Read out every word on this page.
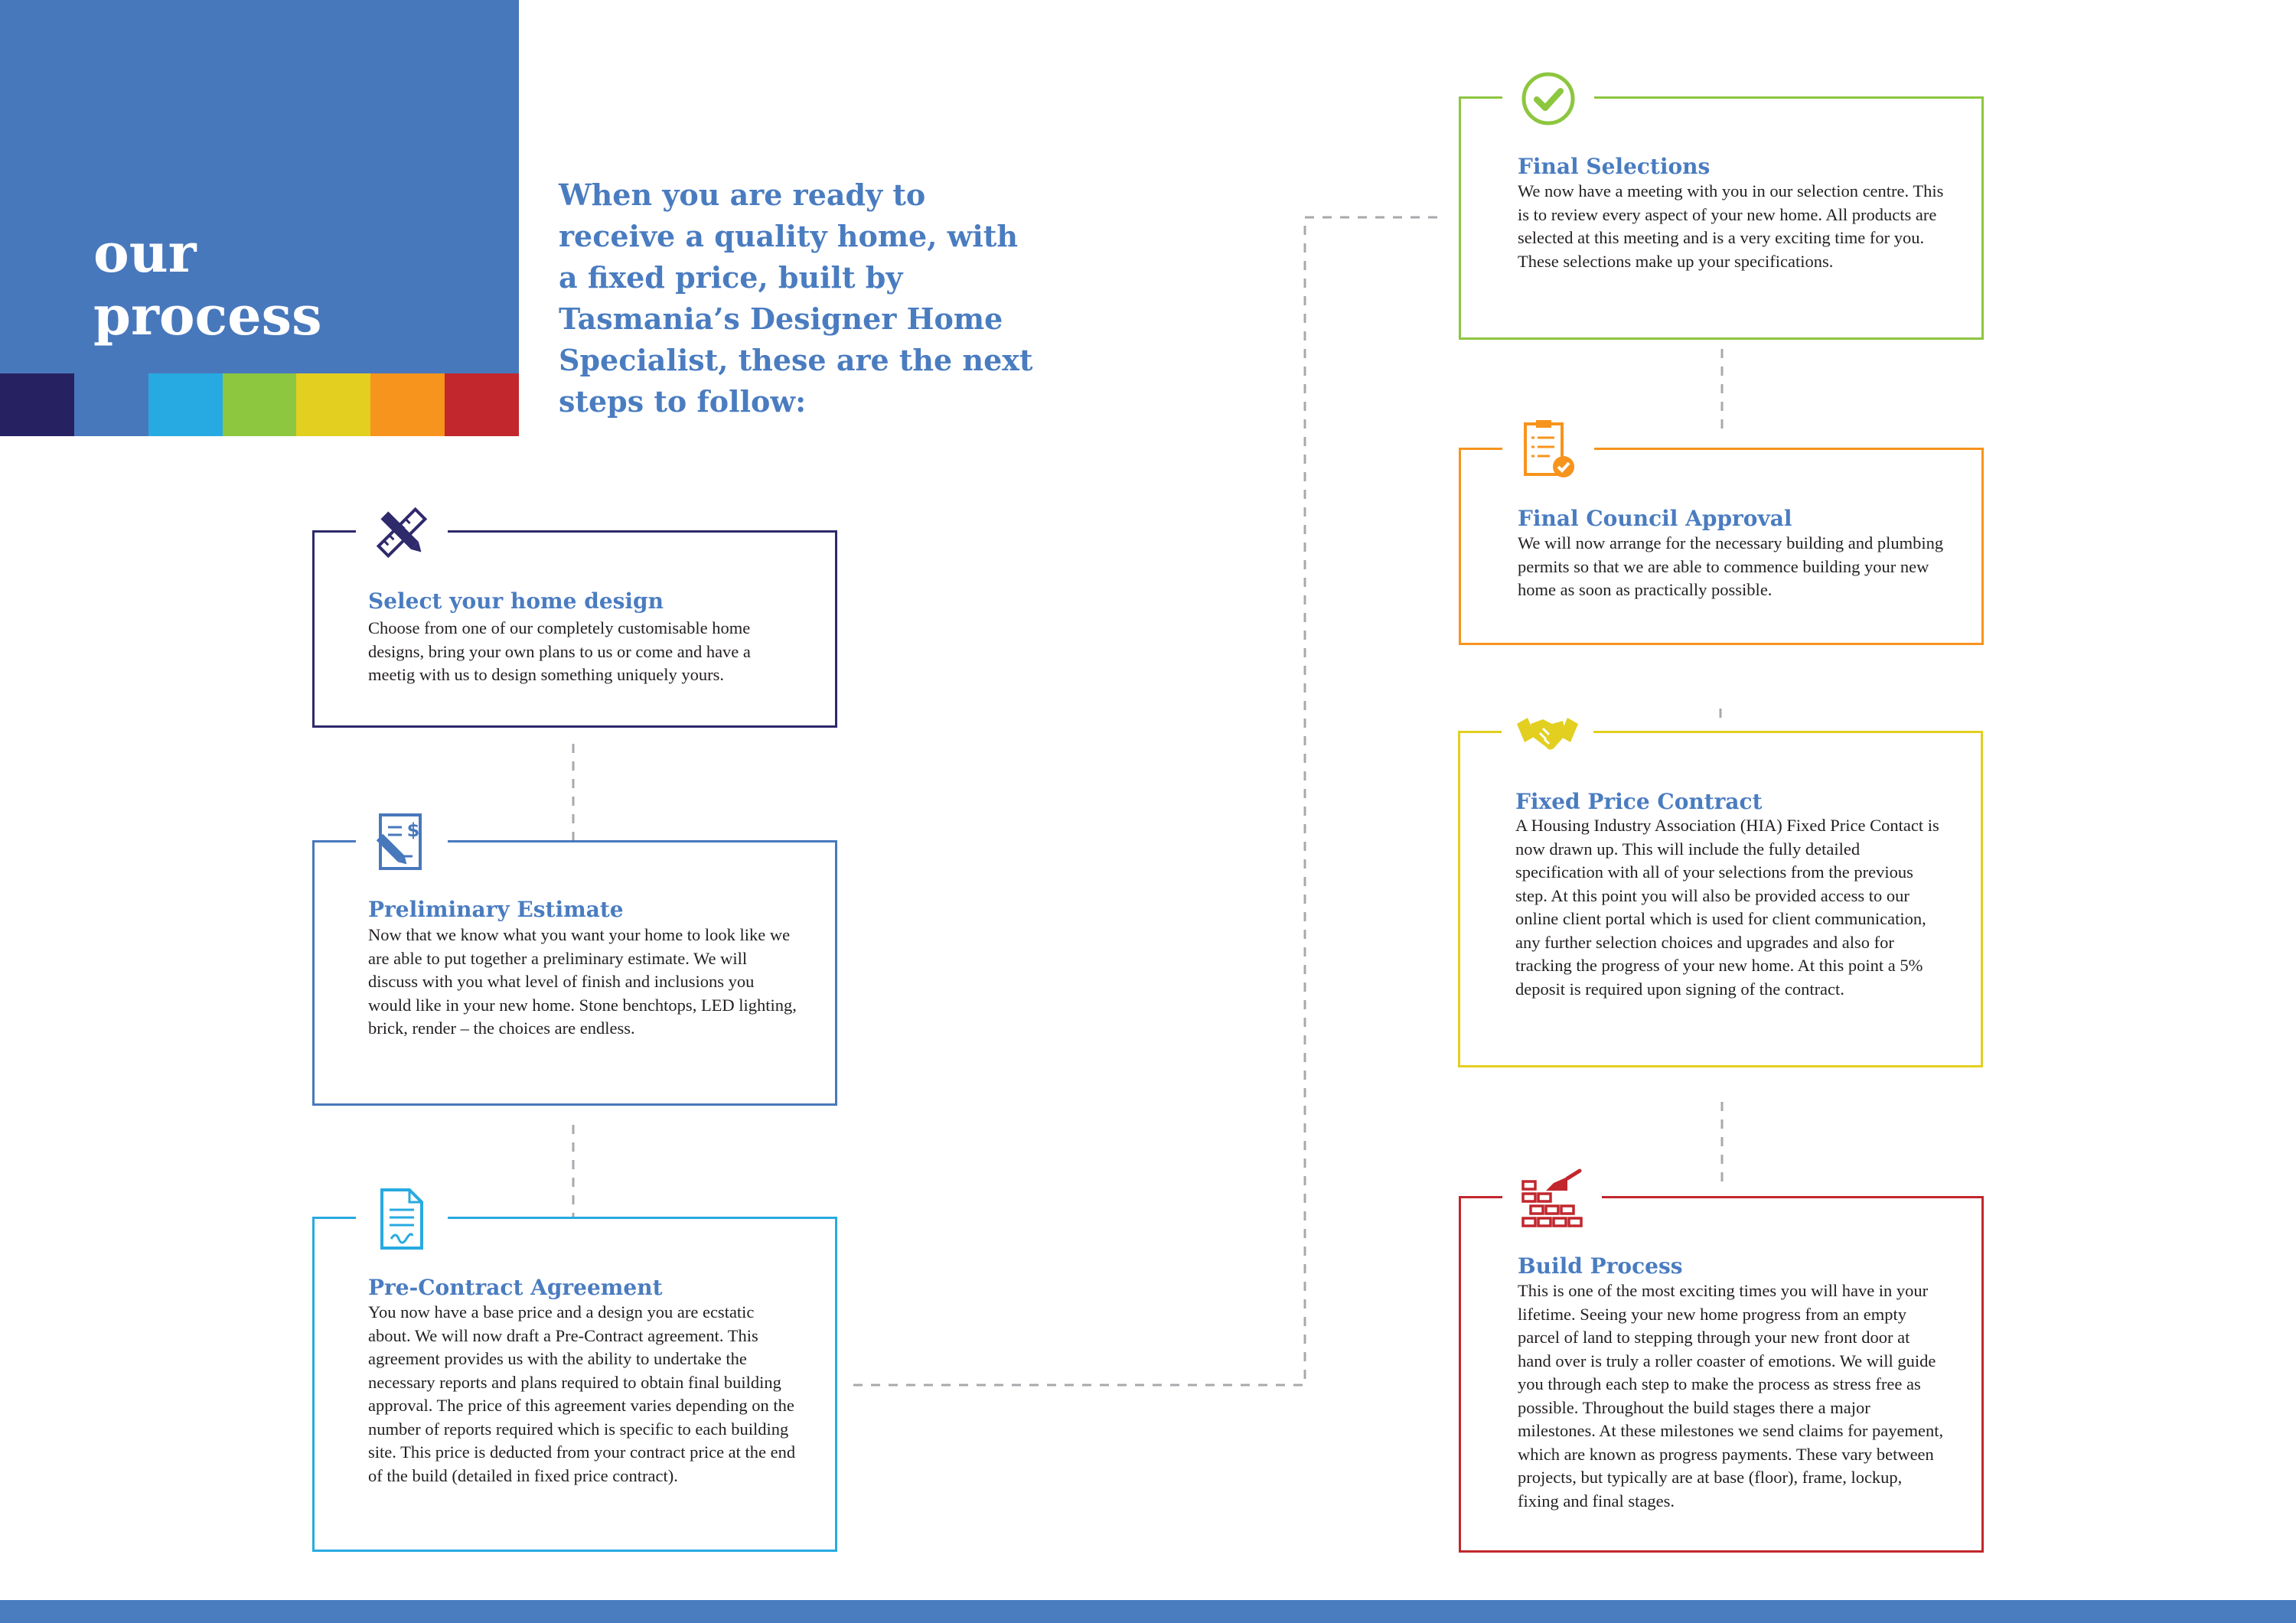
our
process

When you are ready to receive a quality home, with a fixed price, built by Tasmania’s Designer Home Specialist, these are the next steps to follow:

Select your home design

Choose from one of our completely customisable home designs, bring your own plans to us or come and have a meetig with us to design something uniquely yours.

$
Preliminary Estimate

Now that we know what you want your home to look like we are able to put together a preliminary estimate. We will discuss with you what level of finish and inclusions you would like in your new home. Stone benchtops, LED lighting, brick, render – the choices are endless.

Pre-Contract Agreement

You now have a base price and a design you are ecstatic about. We will now draft a Pre-Contract agreement. This agreement provides us with the ability to undertake the necessary reports and plans required to obtain final building approval. The price of this agreement varies depending on the number of reports required which is specific to each building site. This price is deducted from your contract price at the end of the build (detailed in fixed price contract).

Final Selections

We now have a meeting with you in our selection centre. This is to review every aspect of your new home. All products are selected at this meeting and is a very exciting time for you. These selections make up your specifications.

Final Council Approval

We will now arrange for the necessary building and plumbing permits so that we are able to commence building your new home as soon as practically possible.

Fixed Price Contract

A Housing Industry Association (HIA) Fixed Price Contact is now drawn up. This will include the fully detailed specification with all of your selections from the previous step. At this point you will also be provided access to our online client portal which is used for client communication, any further selection choices and upgrades and also for tracking the progress of your new home. At this point a 5% deposit is required upon signing of the contract.

Build Process

This is one of the most exciting times you will have in your lifetime. Seeing your new home progress from an empty parcel of land to stepping through your new front door at hand over is truly a roller coaster of emotions. We will guide you through each step to make the process as stress free as possible. Throughout the build stages there a major milestones. At these milestones we send claims for payement, which are known as progress payments. These vary between projects, but typically are at base (floor), frame, lockup, fixing and final stages.
